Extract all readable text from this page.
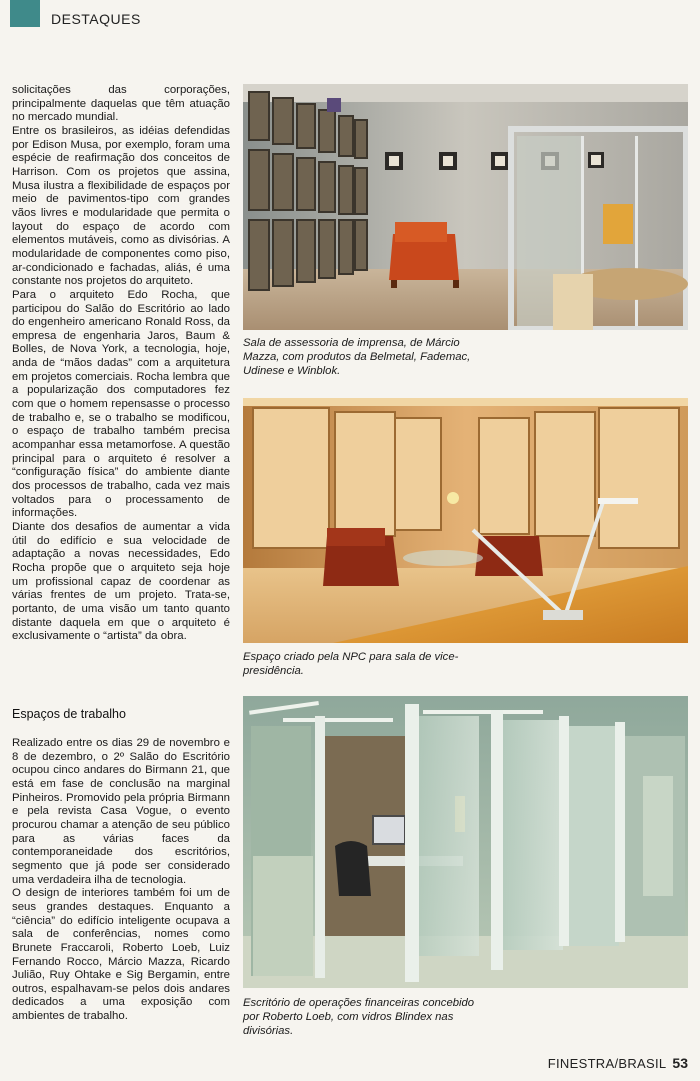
DESTAQUES

solicitações das corporações, principalmente daquelas que têm atuação no mercado mundial.

Entre os brasileiros, as idéias defendidas por Edison Musa, por exemplo, foram uma espécie de reafirmação dos conceitos de Harrison. Com os projetos que assina, Musa ilustra a flexibilidade de espaços por meio de pavimentos-tipo com grandes vãos livres e modularidade que permita o layout do espaço de acordo com elementos mutáveis, como as divisórias. A modularidade de componentes como piso, ar-condicionado e fachadas, aliás, é uma constante nos projetos do arquiteto.

Para o arquiteto Edo Rocha, que participou do Salão do Escritório ao lado do engenheiro americano Ronald Ross, da empresa de engenharia Jaros, Baum & Bolles, de Nova York, a tecnologia, hoje, anda de “mãos dadas” com a arquitetura em projetos comerciais. Rocha lembra que a popularização dos computadores fez com que o homem repensasse o processo de trabalho e, se o trabalho se modificou, o espaço de trabalho também precisa acompanhar essa metamorfose. A questão principal para o arquiteto é resolver a “configuração física” do ambiente diante dos processos de trabalho, cada vez mais voltados para o processamento de informações.

Diante dos desafios de aumentar a vida útil do edifício e sua velocidade de adaptação a novas necessidades, Edo Rocha propõe que o arquiteto seja hoje um profissional capaz de coordenar as várias frentes de um projeto. Trata-se, portanto, de uma visão um tanto quanto distante daquela em que o arquiteto é exclusivamente o “artista” da obra.

Espaços de trabalho

Realizado entre os dias 29 de novembro e 8 de dezembro, o 2º Salão do Escritório ocupou cinco andares do Birmann 21, que está em fase de conclusão na marginal Pinheiros. Promovido pela própria Birmann e pela revista Casa Vogue, o evento procurou chamar a atenção de seu público para as várias faces da contemporaneidade dos escritórios, segmento que já pode ser considerado uma verdadeira ilha de tecnologia.

O design de interiores também foi um de seus grandes destaques. Enquanto a “ciência” do edifício inteligente ocupava a sala de conferências, nomes como Brunete Fraccaroli, Roberto Loeb, Luiz Fernando Rocco, Márcio Mazza, Ricardo Julião, Ruy Ohtake e Sig Bergamin, entre outros, espalhavam-se pelos dois andares dedicados a uma exposição com ambientes de trabalho.

Sala de assessoria de imprensa, de Márcio Mazza, com produtos da Belmetal, Fademac, Udinese e Winblok.
Espaço criado pela NPC para sala de vice-presidência.
Escritório de operações financeiras concebido por Roberto Loeb, com vidros Blindex nas divisórias.
FINESTRA/BRASIL 53
